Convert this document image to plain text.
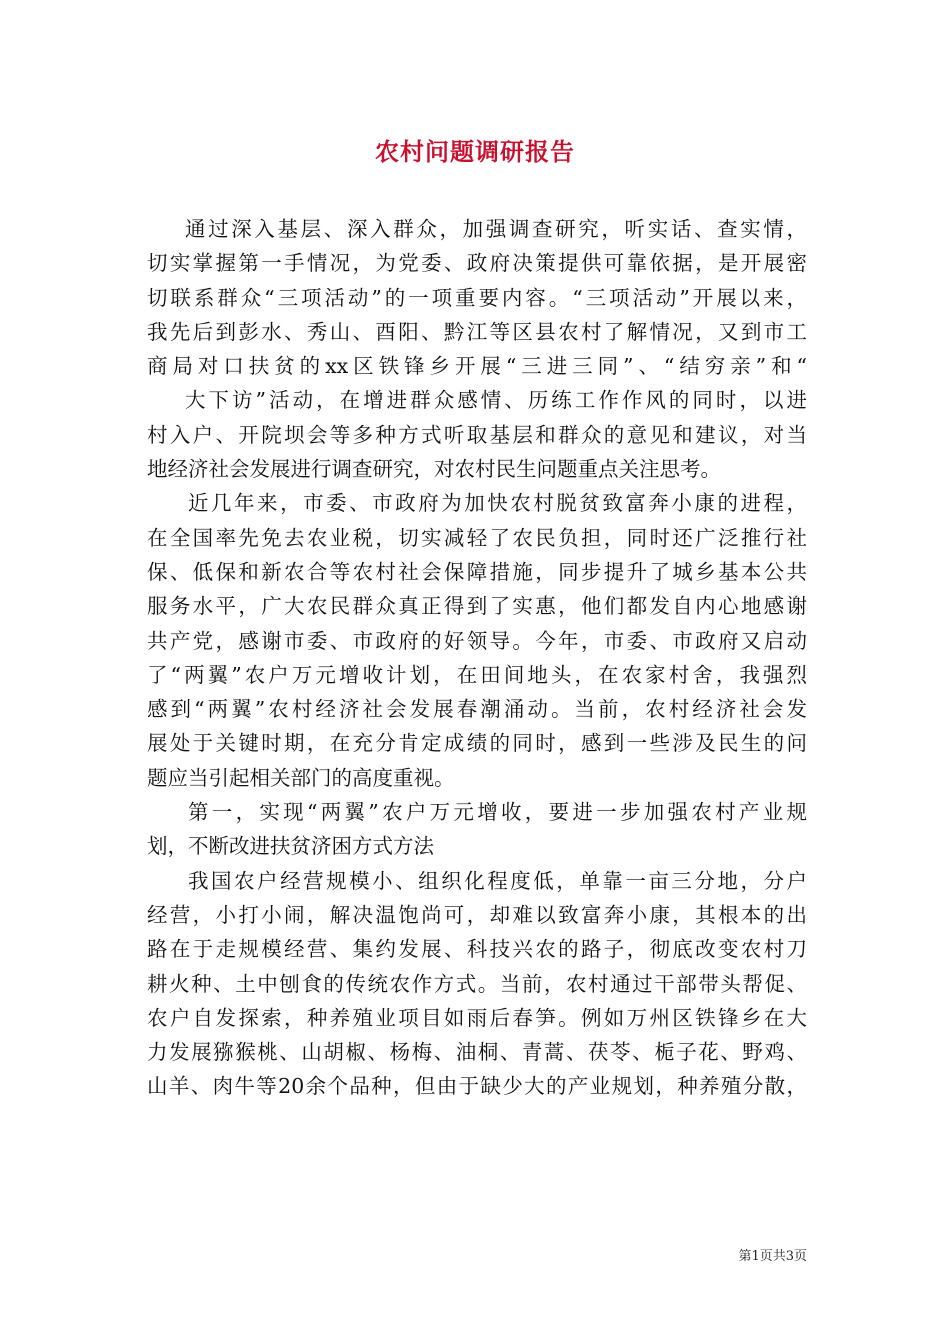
农村问题调研报告
通过深入基层、深入群众，加强调查研究，听实话、查实情，
切实掌握第一手情况，为党委、政府决策提供可靠依据，是开展密
切联系群众“三项活动”的一项重要内容。“三项活动”开展以来，
我先后到彭水、秀山、酉阳、黔江等区县农村了解情况，又到市工
商局对口扶贫的xx区铁锋乡开展“三进三同”、“结穷亲”和“
大下访”活动，在增进群众感情、历练工作作风的同时，以进
村入户、开院坝会等多种方式听取基层和群众的意见和建议，对当
地经济社会发展进行调查研究，对农村民生问题重点关注思考。
近几年来，市委、市政府为加快农村脱贫致富奔小康的进程，
在全国率先免去农业税，切实减轻了农民负担，同时还广泛推行社
保、低保和新农合等农村社会保障措施，同步提升了城乡基本公共
服务水平，广大农民群众真正得到了实惠，他们都发自内心地感谢
共产党，感谢市委、市政府的好领导。今年，市委、市政府又启动
了“两翼”农户万元增收计划，在田间地头，在农家村舍，我强烈
感到“两翼”农村经济社会发展春潮涌动。当前，农村经济社会发
展处于关键时期，在充分肯定成绩的同时，感到一些涉及民生的问
题应当引起相关部门的高度重视。
第一，实现“两翼”农户万元增收，要进一步加强农村产业规
划，不断改进扶贫济困方式方法
我国农户经营规模小、组织化程度低，单靠一亩三分地，分户
经营，小打小闹，解决温饱尚可，却难以致富奔小康，其根本的出
路在于走规模经营、集约发展、科技兴农的路子，彻底改变农村刀
耕火种、土中刨食的传统农作方式。当前，农村通过干部带头帮促、
农户自发探索，种养殖业项目如雨后春笋。例如万州区铁锋乡在大
力发展猕猴桃、山胡椒、杨梅、油桐、青蒿、茯苓、栀子花、野鸡、
山羊、肉牛等20余个品种，但由于缺少大的产业规划，种养殖分散，
第1页共3页
